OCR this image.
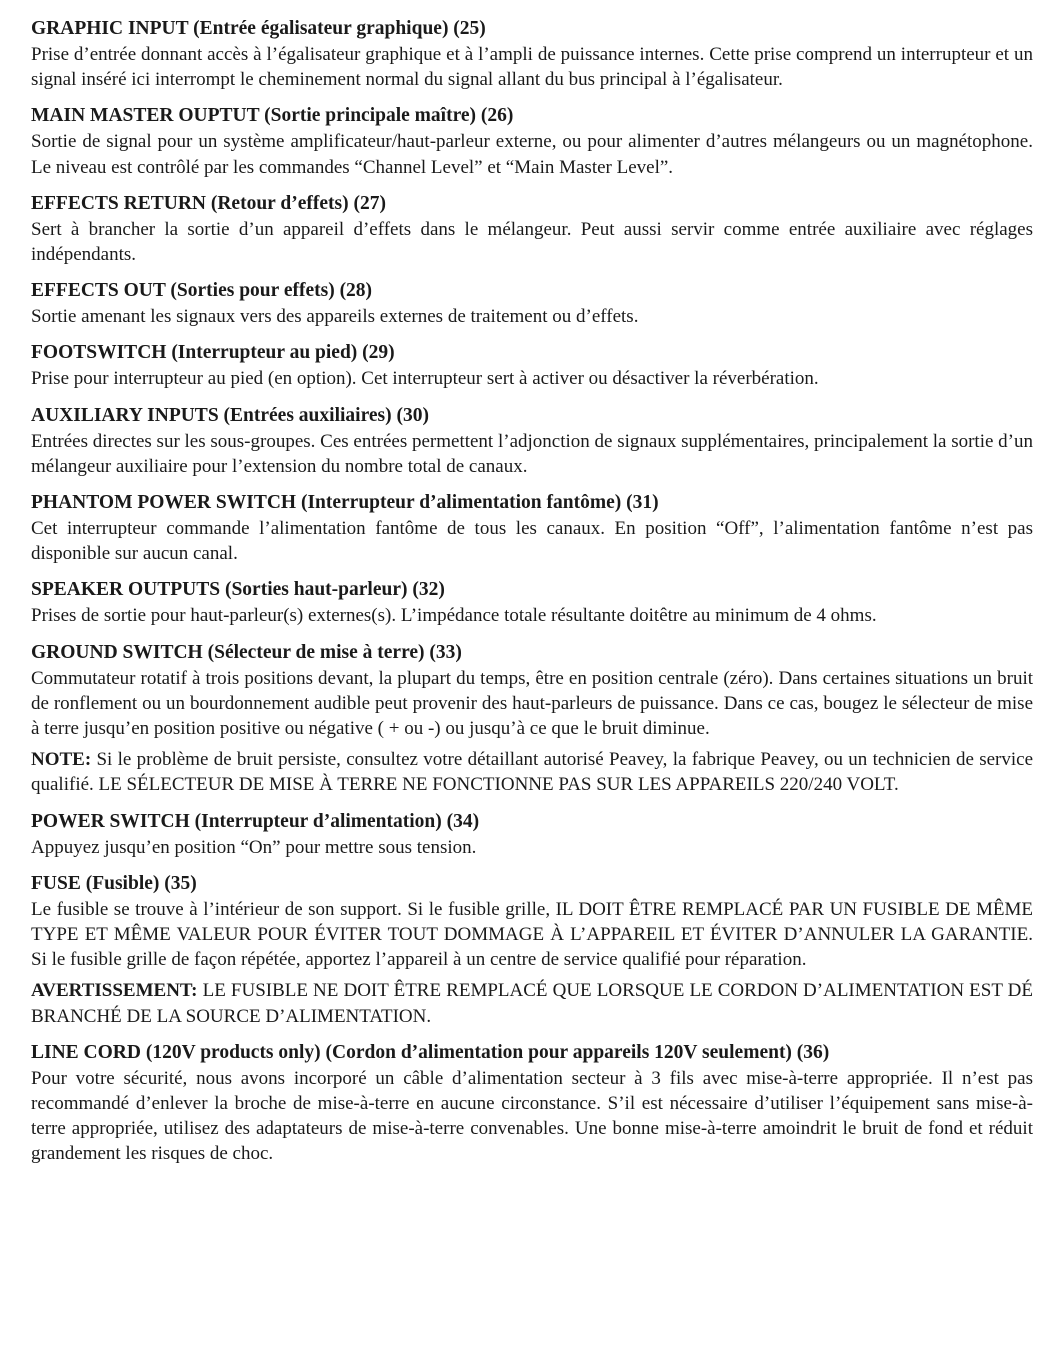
GRAPHIC INPUT (Entrée égalisateur graphique) (25)

Prise d’entrée donnant accès à l’égalisateur graphique et à l’ampli de puissance internes. Cette prise comprend un interrupteur et un signal inséré ici interrompt le cheminement normal du signal allant du bus principal à l’égalisateur.

MAIN MASTER OUPTUT (Sortie principale maître) (26)

Sortie de signal pour un système amplificateur/haut-parleur externe, ou pour alimenter d’autres mélangeurs ou un magnétophone. Le niveau est contrôlé par les commandes “Channel Level” et “Main Master Level”.

EFFECTS RETURN (Retour d’effets) (27)

Sert à brancher la sortie d’un appareil d’effets dans le mélangeur. Peut aussi servir comme entrée auxiliaire avec réglages indépendants.

EFFECTS OUT (Sorties pour effets) (28)

Sortie amenant les signaux vers des appareils externes de traitement ou d’effets.

FOOTSWITCH (Interrupteur au pied) (29)

Prise pour interrupteur au pied (en option). Cet interrupteur sert à activer ou désactiver la réverbération.

AUXILIARY INPUTS (Entrées auxiliaires) (30)

Entrées directes sur les sous-groupes. Ces entrées permettent l’adjonction de signaux supplémentaires, principalement la sortie d’un mélangeur auxiliaire pour l’extension du nombre total de canaux.

PHANTOM POWER SWITCH (Interrupteur d’alimentation fantôme) (31)

Cet interrupteur commande l’alimentation fantôme de tous les canaux. En position “Off”, l’alimentation fantôme n’est pas disponible sur aucun canal.

SPEAKER OUTPUTS (Sorties haut-parleur) (32)

Prises de sortie pour haut-parleur(s) externes(s). L’impédance totale résultante doitêtre au minimum de 4 ohms.

GROUND SWITCH (Sélecteur de mise à terre) (33)

Commutateur rotatif à trois positions devant, la plupart du temps, être en position centrale (zéro). Dans certaines situations un bruit de ronflement ou un bourdonnement audible peut provenir des haut-parleurs de puissance. Dans ce cas, bougez le sélecteur de mise à terre jusqu’en position positive ou négative ( + ou -) ou jusqu’à ce que le bruit diminue.

NOTE: Si le problème de bruit persiste, consultez votre détaillant autorisé Peavey, la fabrique Peavey, ou un technicien de service qualifié. LE SÉLECTEUR DE MISE À TERRE NE FONCTIONNE PAS SUR LES APPAREILS 220/240 VOLT.

POWER SWITCH (Interrupteur d’alimentation) (34)

Appuyez jusqu’en position “On” pour mettre sous tension.

FUSE (Fusible) (35)

Le fusible se trouve à l’intérieur de son support. Si le fusible grille, IL DOIT ÊTRE REMPLACÉ PAR UN FUSIBLE DE MÊME TYPE ET MÊME VALEUR POUR ÉVITER TOUT DOMMAGE À L’APPAREIL ET ÉVITER D’ANNULER LA GARANTIE. Si le fusible grille de façon répétée, apportez l’appareil à un centre de service qualifié pour réparation.

AVERTISSEMENT: LE FUSIBLE NE DOIT ÊTRE REMPLACÉ QUE LORSQUE LE CORDON D’ALIMENTATION EST DÉ BRANCHÉ DE LA SOURCE D’ALIMENTATION.

LINE CORD (120V products only) (Cordon d’alimentation pour appareils 120V seulement) (36)

Pour votre sécurité, nous avons incorporé un câble d’alimentation secteur à 3 fils avec mise-à-terre appropriée. Il n’est pas recommandé d’enlever la broche de mise-à-terre en aucune circonstance. S’il est nécessaire d’utiliser l’équipement sans mise-à-terre appropriée, utilisez des adaptateurs de mise-à-terre convenables. Une bonne mise-à-terre amoindrit le bruit de fond et réduit grandement les risques de choc.
